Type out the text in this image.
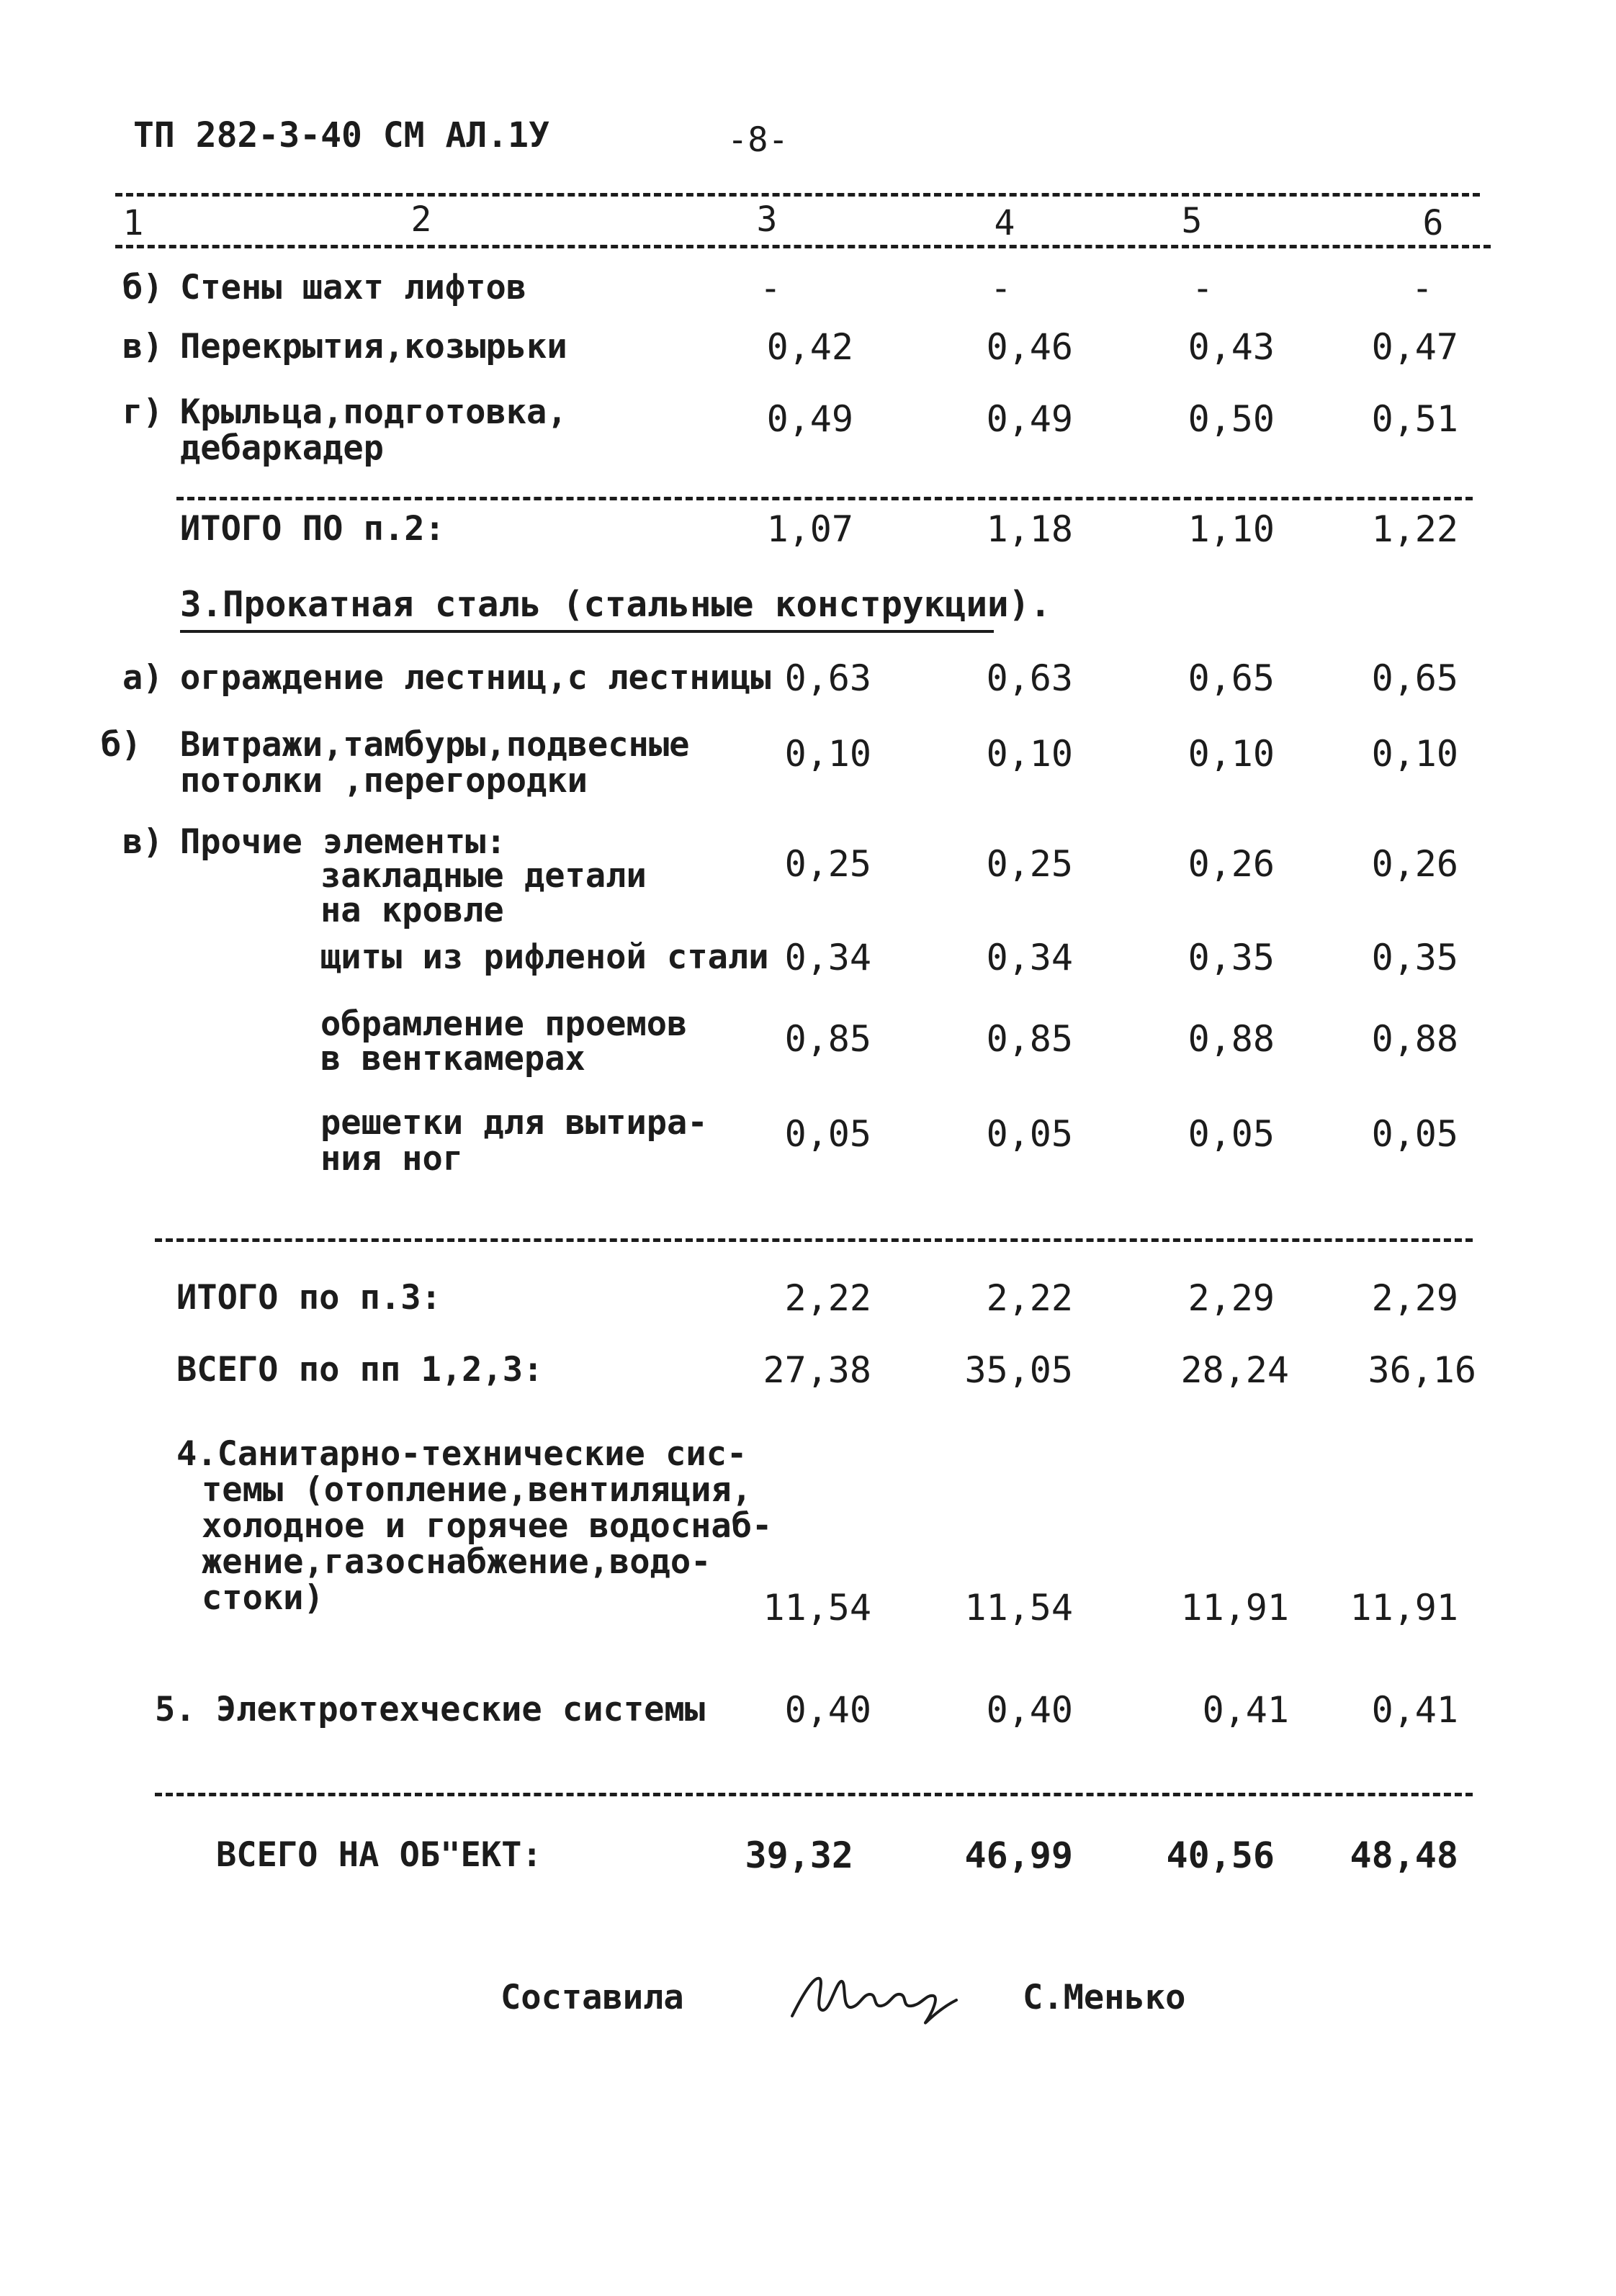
ТП 282-3-40 СМ АЛ.1У	-8-
1	2	3	4	5	6
б) Стены шахт лифтов	-	-	-	-
в) Перекрытия,козырьки	0,42	0,46	0,43	0,47
г) Крыльца,подготовка,
дебаркадер
0,49	0,49	0,50	0,51
ИТОГО ПО п.2:	1,07	1,18	1,10	1,22
3.Прокатная сталь (стальные конструкции).
а) ограждение лестниц,с лестницы 0,63	0,63	0,65	0,65
б) Витражи,тамбуры,подвесные
потолки ,перегородки
0,10	0,10	0,10	0,10
в) Прочие элементы:
закладные детали
на кровле
0,25	0,25	0,26	0,26
щиты из рифленой стали 0,34	0,34	0,35	0,35
обрамление проемов
в венткамерах	0,85	0,85	0,88	0,88
решетки для вытира-
ния ног
0,05	0,05	0,05	0,05
ИТОГО по п.3:	2,22	2,22	2,29	2,29
ВСЕГО по пп 1,2,3:	27,38	35,05	28,24	36,16
4.Санитарно-технические сис-
темы (отопление,вентиляция,
холодное и горячее водоснаб-
жение,газоснабжение,водо-
стоки)	11,54	11,54	11,91	11,91
5. Электротехческие системы	0,40	0,40	0,41	0,41
ВСЕГО НА ОБ"ЕКТ:	39,32	46,99	40,56	48,48
Составила	С.Менько
